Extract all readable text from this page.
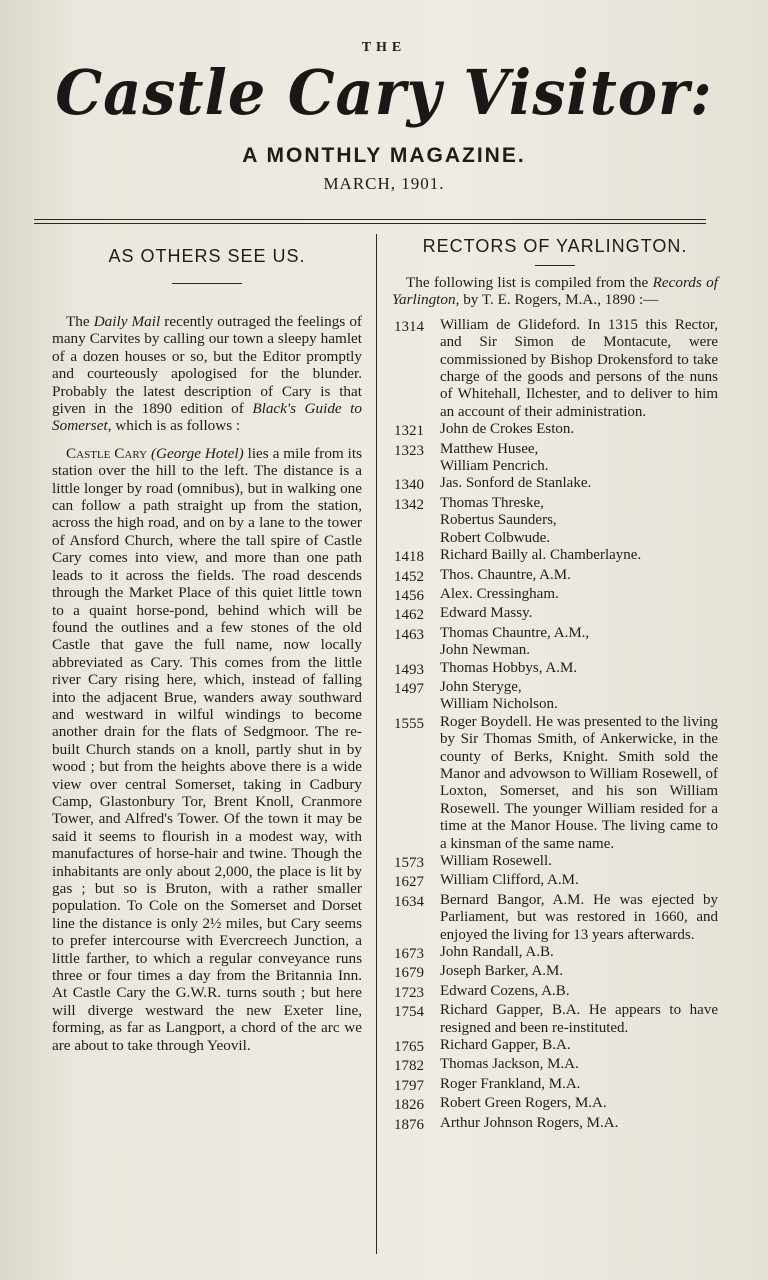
THE
Castle Cary Visitor:
A MONTHLY MAGAZINE.
MARCH, 1901.
AS OTHERS SEE US.

The Daily Mail recently outraged the feelings of many Carvites by calling our town a sleepy hamlet of a dozen houses or so, but the Editor promptly and courteously apologised for the blunder. Probably the latest description of Cary is that given in the 1890 edition of Black's Guide to Somerset, which is as follows :

Castle Cary (George Hotel) lies a mile from its station over the hill to the left. The distance is a little longer by road (omnibus), but in walking one can follow a path straight up from the station, across the high road, and on by a lane to the tower of Ansford Church, where the tall spire of Castle Cary comes into view, and more than one path leads to it across the fields. The road descends through the Market Place of this quiet little town to a quaint horse-pond, behind which will be found the outlines and a few stones of the old Castle that gave the full name, now locally abbreviated as Cary. This comes from the little river Cary rising here, which, instead of falling into the adjacent Brue, wanders away southward and westward in wilful windings to become another drain for the flats of Sedgmoor. The re-built Church stands on a knoll, partly shut in by wood ; but from the heights above there is a wide view over central Somerset, taking in Cadbury Camp, Glastonbury Tor, Brent Knoll, Cranmore Tower, and Alfred's Tower. Of the town it may be said it seems to flourish in a modest way, with manufactures of horse-hair and twine. Though the inhabitants are only about 2,000, the place is lit by gas ; but so is Bruton, with a rather smaller population. To Cole on the Somerset and Dorset line the distance is only 2½ miles, but Cary seems to prefer intercourse with Evercreech Junction, a little farther, to which a regular conveyance runs three or four times a day from the Britannia Inn. At Castle Cary the G.W.R. turns south ; but here will diverge westward the new Exeter line, forming, as far as Langport, a chord of the arc we are about to take through Yeovil.

RECTORS OF YARLINGTON.

The following list is compiled from the Records of Yarlington, by T. E. Rogers, M.A., 1890 :—

1314	William de Glideford. In 1315 this Rector, and Sir Simon de Montacute, were commissioned by Bishop Drokensford to take charge of the goods and persons of the nuns of Whitehall, Ilchester, and to deliver to him an account of their administration.
1321	John de Crokes Eston.
1323	Matthew Husee,
William Pencrich.
1340	Jas. Sonford de Stanlake.
1342	Thomas Threske,
Robertus Saunders,
Robert Colbwude.
1418	Richard Bailly al. Chamberlayne.
1452	Thos. Chauntre, A.M.
1456	Alex. Cressingham.
1462	Edward Massy.
1463	Thomas Chauntre, A.M.,
John Newman.
1493	Thomas Hobbys, A.M.
1497	John Steryge,
William Nicholson.
1555	Roger Boydell. He was presented to the living by Sir Thomas Smith, of Ankerwicke, in the county of Berks, Knight. Smith sold the Manor and advowson to William Rosewell, of Loxton, Somerset, and his son William Rosewell. The younger William resided for a time at the Manor House. The living came to a kinsman of the same name.
1573	William Rosewell.
1627	William Clifford, A.M.
1634	Bernard Bangor, A.M. He was ejected by Parliament, but was restored in 1660, and enjoyed the living for 13 years afterwards.
1673	John Randall, A.B.
1679	Joseph Barker, A.M.
1723	Edward Cozens, A.B.
1754	Richard Gapper, B.A. He appears to have resigned and been re-instituted.
1765	Richard Gapper, B.A.
1782	Thomas Jackson, M.A.
1797	Roger Frankland, M.A.
1826	Robert Green Rogers, M.A.
1876	Arthur Johnson Rogers, M.A.
